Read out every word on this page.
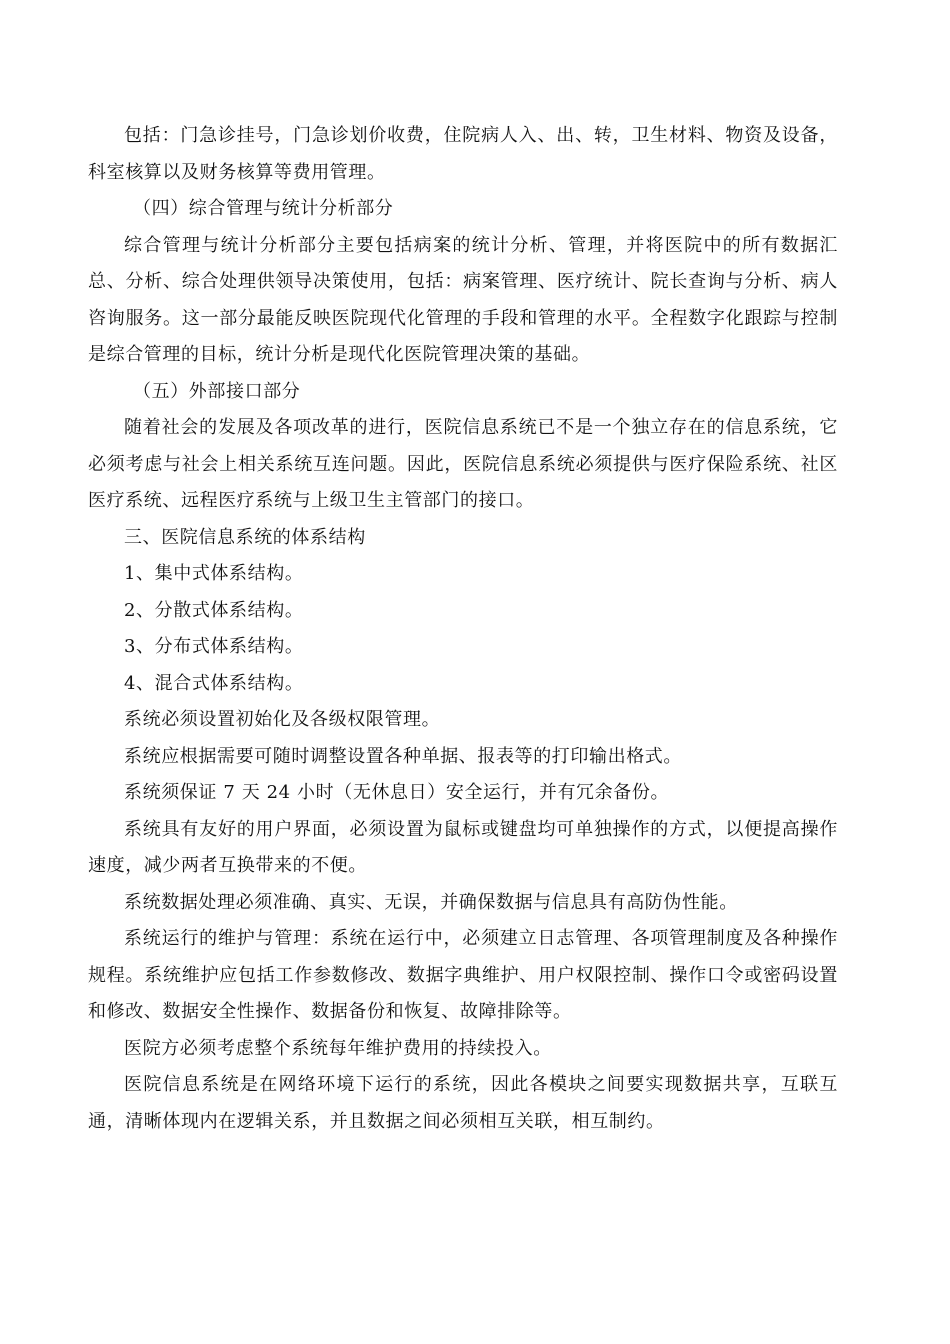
包括：门急诊挂号，门急诊划价收费，住院病人入、出、转，卫生材料、物资及设备，科室核算以及财务核算等费用管理。

（四）综合管理与统计分析部分

综合管理与统计分析部分主要包括病案的统计分析、管理，并将医院中的所有数据汇总、分析、综合处理供领导决策使用，包括：病案管理、医疗统计、院长查询与分析、病人咨询服务。这一部分最能反映医院现代化管理的手段和管理的水平。全程数字化跟踪与控制是综合管理的目标，统计分析是现代化医院管理决策的基础。

（五）外部接口部分

随着社会的发展及各项改革的进行，医院信息系统已不是一个独立存在的信息系统，它必须考虑与社会上相关系统互连问题。因此，医院信息系统必须提供与医疗保险系统、社区医疗系统、远程医疗系统与上级卫生主管部门的接口。

三、医院信息系统的体系结构

1、集中式体系结构。

2、分散式体系结构。

3、分布式体系结构。

4、混合式体系结构。

系统必须设置初始化及各级权限管理。

系统应根据需要可随时调整设置各种单据、报表等的打印输出格式。

系统须保证 7 天 24 小时（无休息日）安全运行，并有冗余备份。

系统具有友好的用户界面，必须设置为鼠标或键盘均可单独操作的方式，以便提高操作速度，减少两者互换带来的不便。

系统数据处理必须准确、真实、无误，并确保数据与信息具有高防伪性能。

系统运行的维护与管理：系统在运行中，必须建立日志管理、各项管理制度及各种操作规程。系统维护应包括工作参数修改、数据字典维护、用户权限控制、操作口令或密码设置和修改、数据安全性操作、数据备份和恢复、故障排除等。

医院方必须考虑整个系统每年维护费用的持续投入。

医院信息系统是在网络环境下运行的系统，因此各模块之间要实现数据共享，互联互通，清晰体现内在逻辑关系，并且数据之间必须相互关联，相互制约。
